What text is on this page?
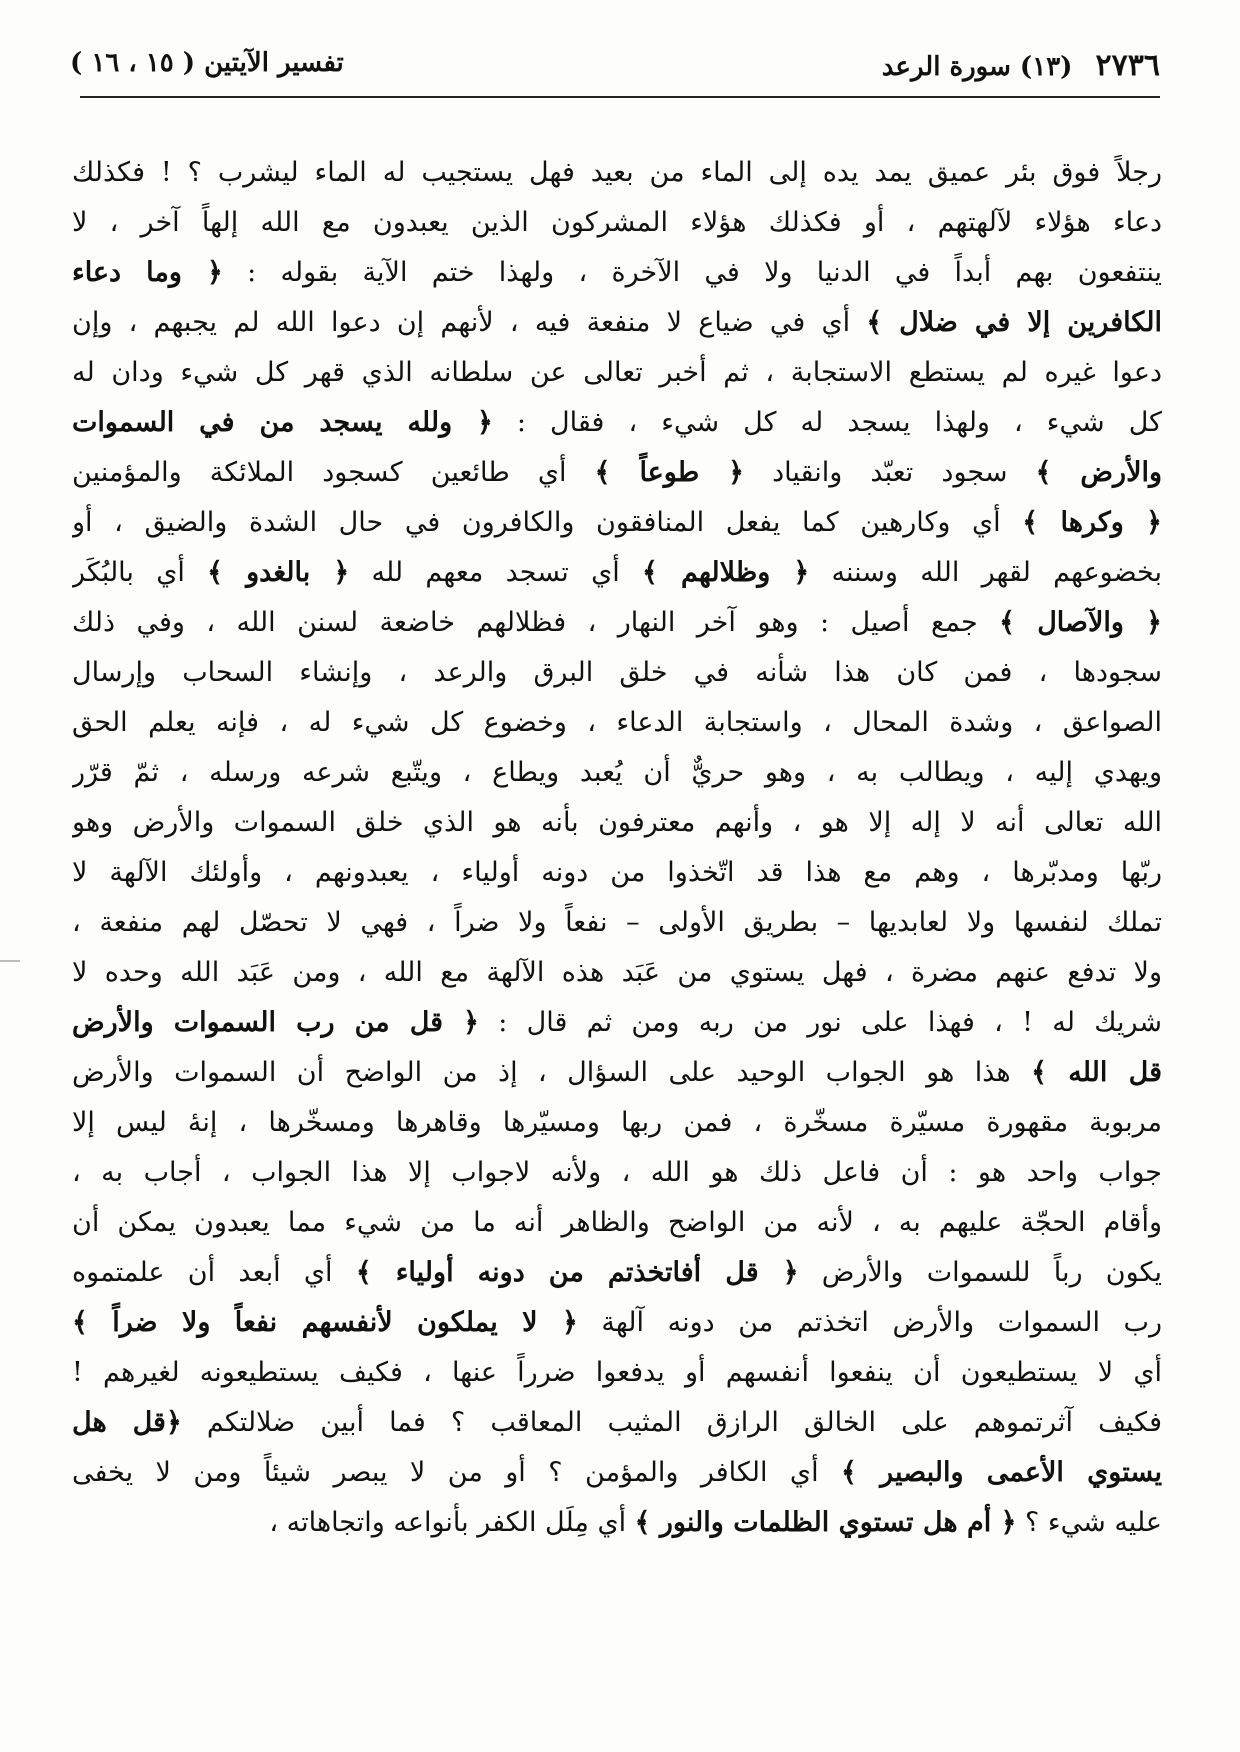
٢٧٣٦ (١٣) سورة الرعد
تفسير الآيتين ( ١٥ ، ١٦ )
رجلاً فوق بئر عميق يمد يده إلى الماء من بعيد فهل يستجيب له الماء ليشرب ؟ ! فكذلك
دعاء هؤلاء لآلهتهم ، أو فكذلك هؤلاء المشركون الذين يعبدون مع الله إلهاً آخر ، لا
ينتفعون بهم أبداً في الدنيا ولا في الآخرة ، ولهذا ختم الآية بقوله : ﴿ وما دعاء
الكافرين إلا في ضلال ﴾ أي في ضياع لا منفعة فيه ، لأنهم إن دعوا الله لم يجبهم ، وإن
دعوا غيره لم يستطع الاستجابة ، ثم أخبر تعالى عن سلطانه الذي قهر كل شيء ودان له
كل شيء ، ولهذا يسجد له كل شيء ، فقال : ﴿ ولله يسجد من في السموات
والأرض ﴾ سجود تعبّد وانقياد ﴿ طوعاً ﴾ أي طائعين كسجود الملائكة والمؤمنين
﴿ وكرها ﴾ أي وكارهين كما يفعل المنافقون والكافرون في حال الشدة والضيق ، أو
بخضوعهم لقهر الله وسننه ﴿ وظلالهم ﴾ أي تسجد معهم لله ﴿ بالغدو ﴾ أي بالبُكَر
﴿ والآصال ﴾ جمع أصيل : وهو آخر النهار ، فظلالهم خاضعة لسنن الله ، وفي ذلك
سجودها ، فمن كان هذا شأنه في خلق البرق والرعد ، وإنشاء السحاب وإرسال
الصواعق ، وشدة المحال ، واستجابة الدعاء ، وخضوع كل شيء له ، فإنه يعلم الحق
ويهدي إليه ، ويطالب به ، وهو حريٌّ أن يُعبد ويطاع ، ويتّبع شرعه ورسله ، ثمّ قرّر
الله تعالى أنه لا إله إلا هو ، وأنهم معترفون بأنه هو الذي خلق السموات والأرض وهو
ربّها ومدبّرها ، وهم مع هذا قد اتّخذوا من دونه أولياء ، يعبدونهم ، وأولئك الآلهة لا
تملك لنفسها ولا لعابديها – بطريق الأولى – نفعاً ولا ضراً ، فهي لا تحصّل لهم منفعة ،
ولا تدفع عنهم مضرة ، فهل يستوي من عَبَد هذه الآلهة مع الله ، ومن عَبَد الله وحده لا
شريك له ! ، فهذا على نور من ربه ومن ثم قال : ﴿ قل من رب السموات والأرض
قل الله ﴾ هذا هو الجواب الوحيد على السؤال ، إذ من الواضح أن السموات والأرض
مربوبة مقهورة مسيّرة مسخّرة ، فمن ربها ومسيّرها وقاهرها ومسخّرها ، إنهٔ ليس إلا
جواب واحد هو : أن فاعل ذلك هو الله ، ولأنه لاجواب إلا هذا الجواب ، أجاب به ،
وأقام الحجّة عليهم به ، لأنه من الواضح والظاهر أنه ما من شيء مما يعبدون يمكن أن
يكون رباً للسموات والأرض ﴿ قل أفاتخذتم من دونه أولياء ﴾ أي أبعد أن علمتموه
رب السموات والأرض اتخذتم من دونه آلهة ﴿ لا يملكون لأنفسهم نفعاً ولا ضراً ﴾
أي لا يستطيعون أن ينفعوا أنفسهم أو يدفعوا ضرراً عنها ، فكيف يستطيعونه لغيرهم !
فكيف آثرتموهم على الخالق الرازق المثيب المعاقب ؟ فما أبين ضلالتكم ﴿قل هل
يستوي الأعمى والبصير ﴾ أي الكافر والمؤمن ؟ أو من لا يبصر شيئاً ومن لا يخفى
عليه شيء ؟ ﴿ أم هل تستوي الظلمات والنور ﴾ أي مِلَل الكفر بأنواعه واتجاهاته ،
